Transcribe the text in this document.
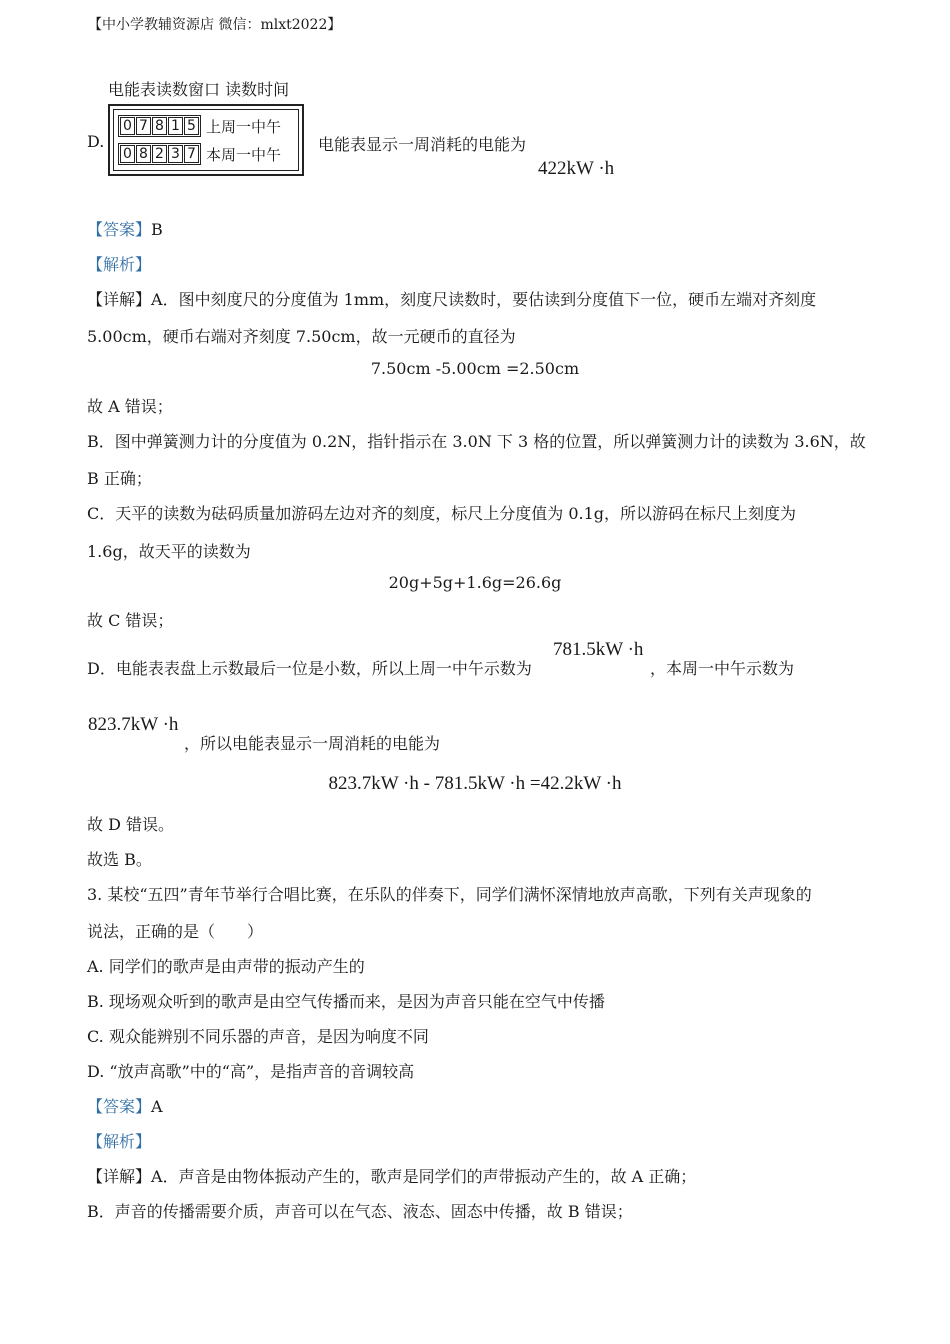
【中小学教辅资源店 微信：mlxt2022】
电能表读数窗口 读数时间
D.
0 7 8 1 5 上周一中午
0 8 2 3 7 本周一中午
电能表显示一周消耗的电能为
422kW ·h
【答案】B
【解析】
【详解】A．图中刻度尺的分度值为 1mm，刻度尺读数时，要估读到分度值下一位，硬币左端对齐刻度
5.00cm，硬币右端对齐刻度 7.50cm，故一元硬币的直径为
7.50cm -5.00cm =2.50cm
故 A 错误；
B．图中弹簧测力计的分度值为 0.2N，指针指示在 3.0N 下 3 格的位置，所以弹簧测力计的读数为 3.6N，故
B 正确；
C．天平的读数为砝码质量加游码左边对齐的刻度，标尺上分度值为 0.1g，所以游码在标尺上刻度为
1.6g，故天平的读数为
20g+5g+1.6g=26.6g
故 C 错误；
D．电能表表盘上示数最后一位是小数，所以上周一中午示数为
781.5kW ·h
，本周一中午示数为
823.7kW ·h
，所以电能表显示一周消耗的电能为
823.7kW ·h - 781.5kW ·h =42.2kW ·h
故 D 错误。
故选 B。
3. 某校“五四”青年节举行合唱比赛，在乐队的伴奏下，同学们满怀深情地放声高歌，下列有关声现象的
说法，正确的是（　　）
A. 同学们的歌声是由声带的振动产生的
B. 现场观众听到的歌声是由空气传播而来，是因为声音只能在空气中传播
C. 观众能辨别不同乐器的声音，是因为响度不同
D. “放声高歌”中的“高”，是指声音的音调较高
【答案】A
【解析】
【详解】A．声音是由物体振动产生的，歌声是同学们的声带振动产生的，故 A 正确；
B．声音的传播需要介质，声音可以在气态、液态、固态中传播，故 B 错误；
